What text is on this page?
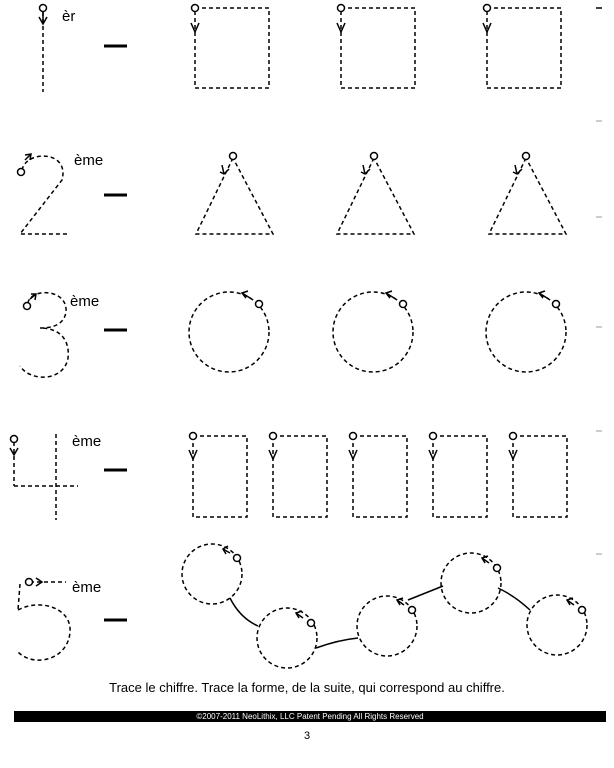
èr
ème
ème
ème
ème
Trace le chiffre. Trace la forme, de la suite, qui correspond au chiffre.
©2007-2011 NeoLithix, LLC Patent Pending All Rights Reserved
3
